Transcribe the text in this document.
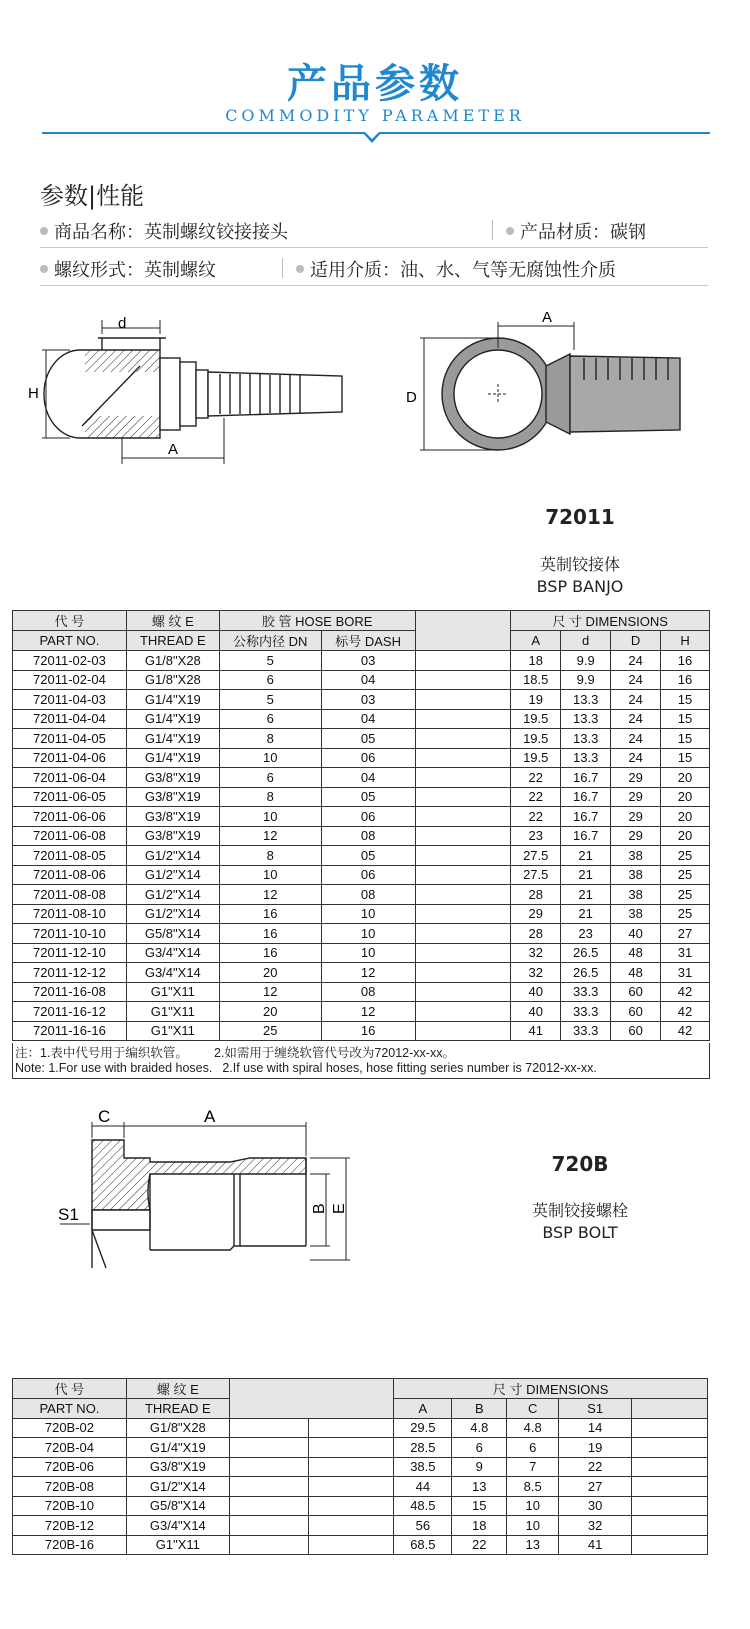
产品参数
COMMODITY PARAMETER
参数|性能
商品名称：英制螺纹铰接接头	产品材质：碳钢
螺纹形式：英制螺纹	适用介质：油、水、气等无腐蚀性介质
d
H
A
A
D
72011
英制铰接体
BSP BANJO
代 号	螺 纹 E	胶 管 HOSE BORE			尺 寸 DIMENSIONS			
PART NO.	THREAD E	公称内径 DN	标号 DASH		A	d	D	H
72011-02-03	G1/8"X28	5	03		18	9.9	24	16
72011-02-04	G1/8"X28	6	04		18.5	9.9	24	16
72011-04-03	G1/4"X19	5	03		19	13.3	24	15
72011-04-04	G1/4"X19	6	04		19.5	13.3	24	15
72011-04-05	G1/4"X19	8	05		19.5	13.3	24	15
72011-04-06	G1/4"X19	10	06		19.5	13.3	24	15
72011-06-04	G3/8"X19	6	04		22	16.7	29	20
72011-06-05	G3/8"X19	8	05		22	16.7	29	20
72011-06-06	G3/8"X19	10	06		22	16.7	29	20
72011-06-08	G3/8"X19	12	08		23	16.7	29	20
72011-08-05	G1/2"X14	8	05		27.5	21	38	25
72011-08-06	G1/2"X14	10	06		27.5	21	38	25
72011-08-08	G1/2"X14	12	08		28	21	38	25
72011-08-10	G1/2"X14	16	10		29	21	38	25
72011-10-10	G5/8"X14	16	10		28	23	40	27
72011-12-10	G3/4"X14	16	10		32	26.5	48	31
72011-12-12	G3/4"X14	20	12		32	26.5	48	31
72011-16-08	G1"X11	12	08		40	33.3	60	42
72011-16-12	G1"X11	20	12		40	33.3	60	42
72011-16-16	G1"X11	25	16		41	33.3	60	42
注：1.表中代号用于编织软管。 2.如需用于缠绕软管代号改为72012-xx-xx。
Note: 1.For use with braided hoses. 2.If use with spiral hoses, hose fitting series number is 72012-xx-xx.
C	A
S1	B E
720B
英制铰接螺栓
BSP BOLT
代 号	螺 纹 E			尺 寸 DIMENSIONS				
PART NO.	THREAD E			A	B	C	S1	
720B-02	G1/8"X28			29.5	4.8	4.8	14	
720B-04	G1/4"X19			28.5	6	6	19	
720B-06	G3/8"X19			38.5	9	7	22	
720B-08	G1/2"X14			44	13	8.5	27	
720B-10	G5/8"X14			48.5	15	10	30	
720B-12	G3/4"X14			56	18	10	32	
720B-16	G1"X11			68.5	22	13	41	
